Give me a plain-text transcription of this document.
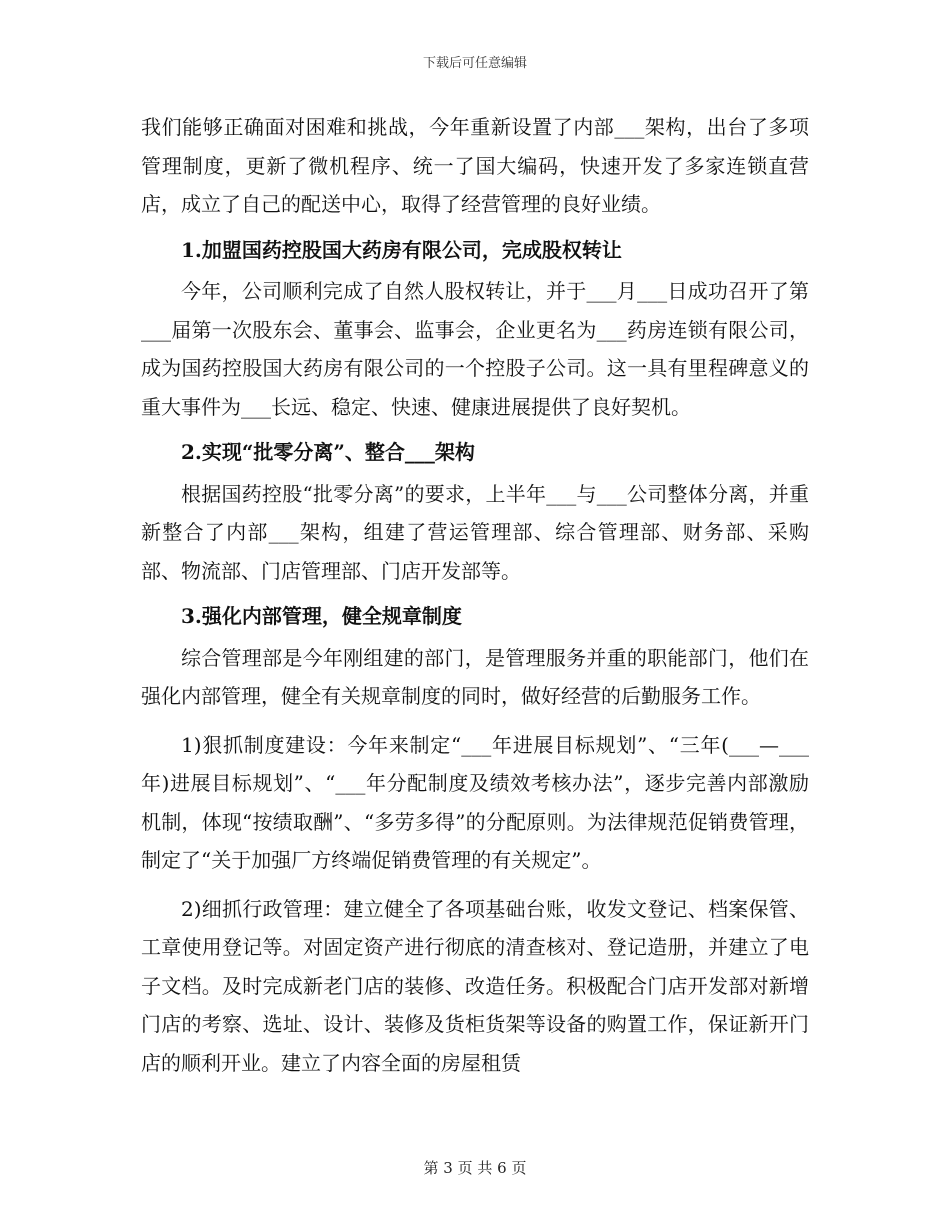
下载后可任意编辑

我们能够正确面对困难和挑战，今年重新设置了内部___架构，出台了多项管理制度，更新了微机程序、统一了国大编码，快速开发了多家连锁直营店，成立了自己的配送中心，取得了经营管理的良好业绩。

1.加盟国药控股国大药房有限公司，完成股权转让

今年，公司顺利完成了自然人股权转让，并于___月___日成功召开了第___届第一次股东会、董事会、监事会，企业更名为___药房连锁有限公司，成为国药控股国大药房有限公司的一个控股子公司。这一具有里程碑意义的重大事件为___长远、稳定、快速、健康进展提供了良好契机。

2.实现“批零分离”、整合___架构

根据国药控股“批零分离”的要求，上半年___与___公司整体分离，并重新整合了内部___架构，组建了营运管理部、综合管理部、财务部、采购部、物流部、门店管理部、门店开发部等。

3.强化内部管理，健全规章制度

综合管理部是今年刚组建的部门，是管理服务并重的职能部门，他们在强化内部管理，健全有关规章制度的同时，做好经营的后勤服务工作。

1)狠抓制度建设：今年来制定“___年进展目标规划”、“三年(___—___年)进展目标规划”、“___年分配制度及绩效考核办法”，逐步完善内部激励机制，体现“按绩取酬”、“多劳多得”的分配原则。为法律规范促销费管理，制定了“关于加强厂方终端促销费管理的有关规定”。

2)细抓行政管理：建立健全了各项基础台账，收发文登记、档案保管、工章使用登记等。对固定资产进行彻底的清查核对、登记造册，并建立了电子文档。及时完成新老门店的装修、改造任务。积极配合门店开发部对新增门店的考察、选址、设计、装修及货柜货架等设备的购置工作，保证新开门店的顺利开业。建立了内容全面的房屋租赁

第 3 页 共 6 页
